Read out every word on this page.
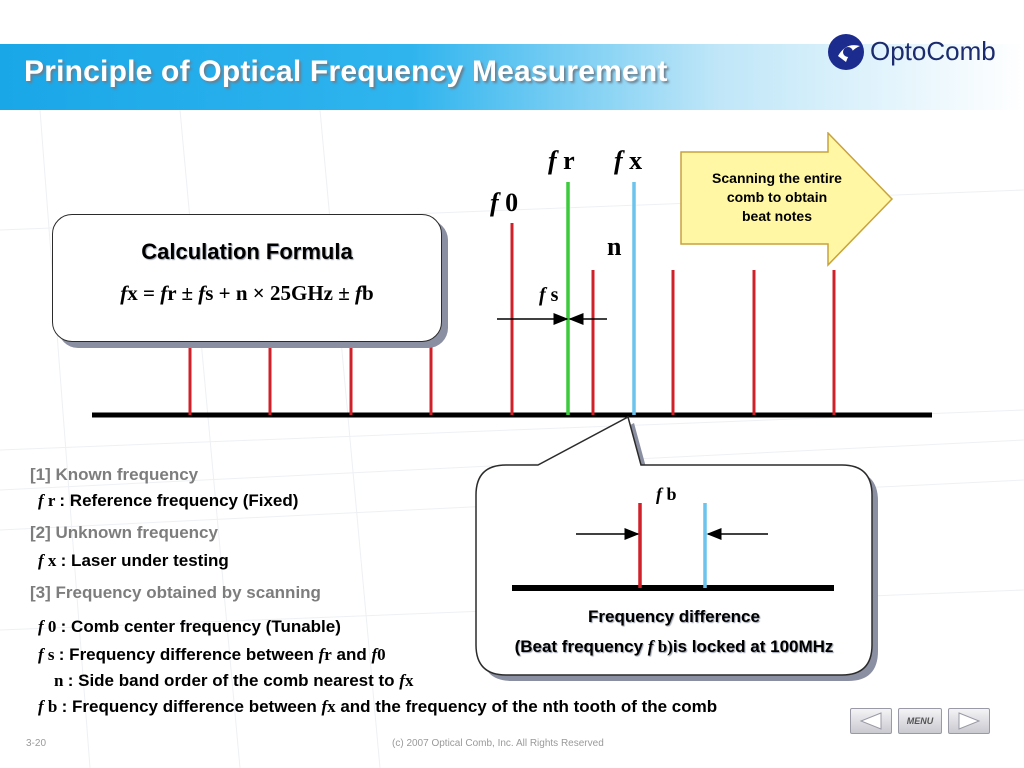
Principle of Optical Frequency Measurement
OptoComb
f r f x
f 0
n
f s
Scanning the entire
comb to obtain
beat notes
Calculation Formula
fx = fr ± fs + n × 25GHz ± fb
f b
Frequency difference
(Beat frequency f b)is locked at 100MHz
[1] Known frequency
f r : Reference frequency (Fixed)
[2] Unknown frequency
f x : Laser under testing
[3] Frequency obtained by scanning
f 0 : Comb center frequency (Tunable)
f s : Frequency difference between fr and f0
n : Side band order of the comb nearest to fx
f b : Frequency difference between fx and the frequency of the nth tooth of the comb
MENU
3-20	(c) 2007 Optical Comb, Inc. All Rights Reserved
